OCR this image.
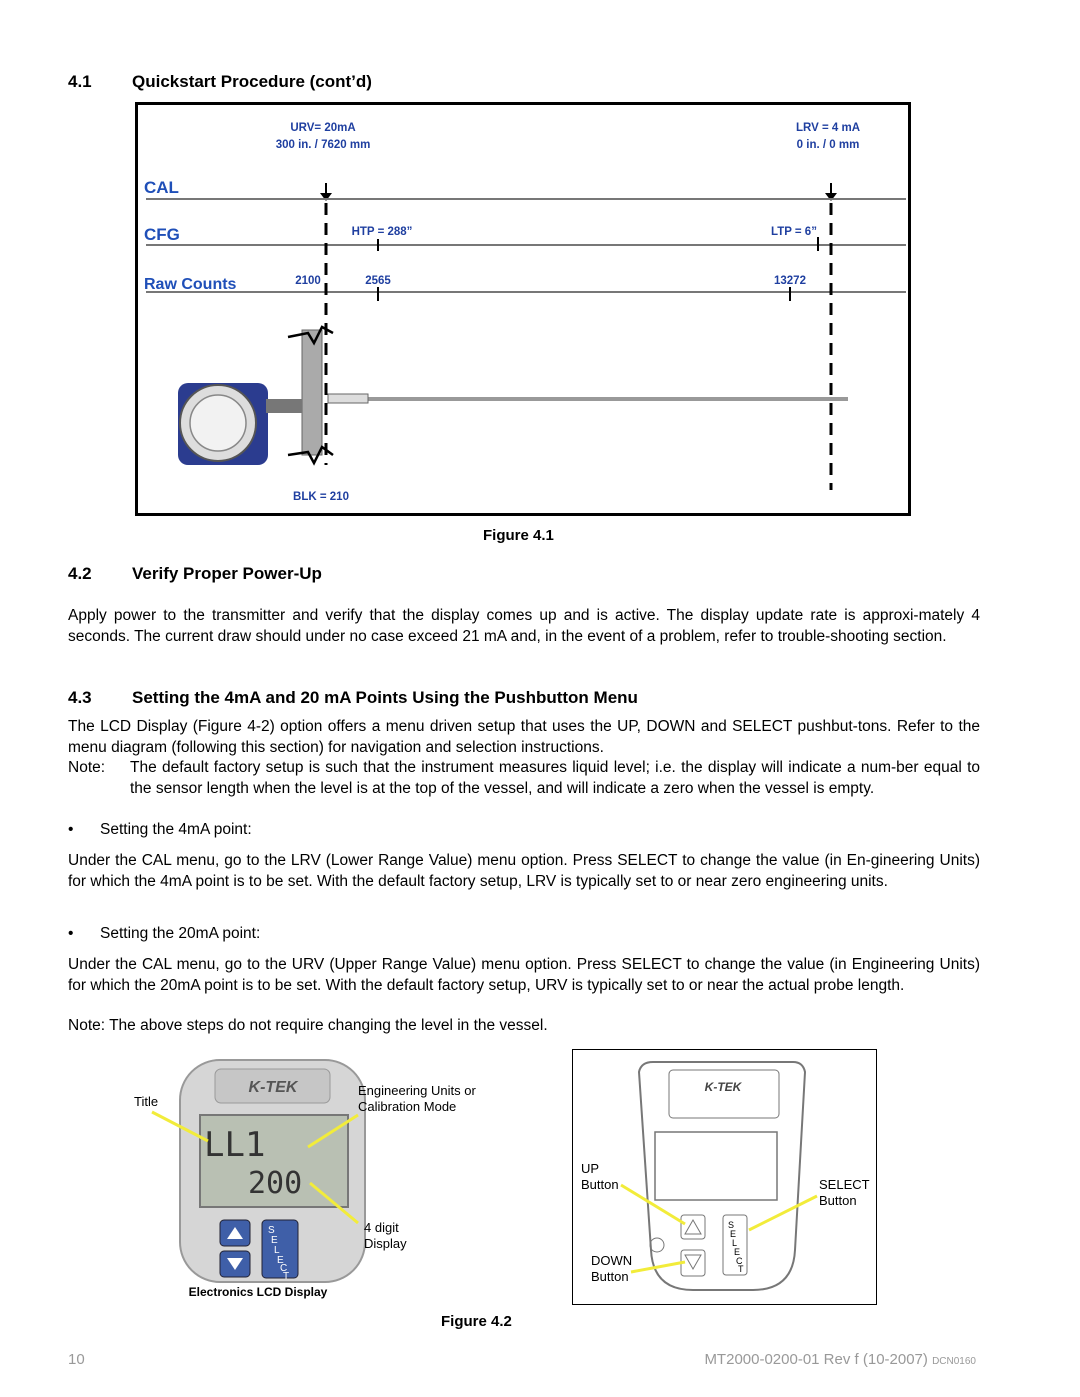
4.1 Quickstart Procedure (cont’d)
URV= 20mA
300 in. / 7620 mm
LRV = 4 mA
0 in. / 0 mm
CAL
CFG
Raw Counts
HTP = 288”	LTP = 6”
2100	2565	13272
BLK = 210
Figure 4.1
4.2 Verify Proper Power-Up

Apply power to the transmitter and verify that the display comes up and is active. The display update rate is approxi-mately 4 seconds. The current draw should under no case exceed 21 mA and, in the event of a problem, refer to trouble-shooting section.

4.3 Setting the 4mA and 20 mA Points Using the Pushbutton Menu

The LCD Display (Figure 4-2) option offers a menu driven setup that uses the UP, DOWN and SELECT pushbut-tons. Refer to the menu diagram (following this section) for navigation and selection instructions.

Note: The default factory setup is such that the instrument measures liquid level; i.e. the display will indicate a num-ber equal to the sensor length when the level is at the top of the vessel, and will indicate a zero when the vessel is empty.
• Setting the 4mA point:

Under the CAL menu, go to the LRV (Lower Range Value) menu option. Press SELECT to change the value (in En-gineering Units) for which the 4mA point is to be set. With the default factory setup, LRV is typically set to or near zero engineering units.

• Setting the 20mA point:

Under the CAL menu, go to the URV (Upper Range Value) menu option. Press SELECT to change the value (in Engineering Units) for which the 20mA point is to be set. With the default factory setup, URV is typically set to or near the actual probe length.

Note: The above steps do not require changing the level in the vessel.

K-TEK
LL1
200
S
E
L
E
C
T
Title
Engineering Units or
Calibration Mode
4 digit
Display
Electronics LCD Display
K-TEK
S
E
L
E
C
T
UP
Button	SELECT
Button
DOWN
Button
Figure 4.2
10	MT2000-0200-01 Rev f (10-2007) DCN0160
